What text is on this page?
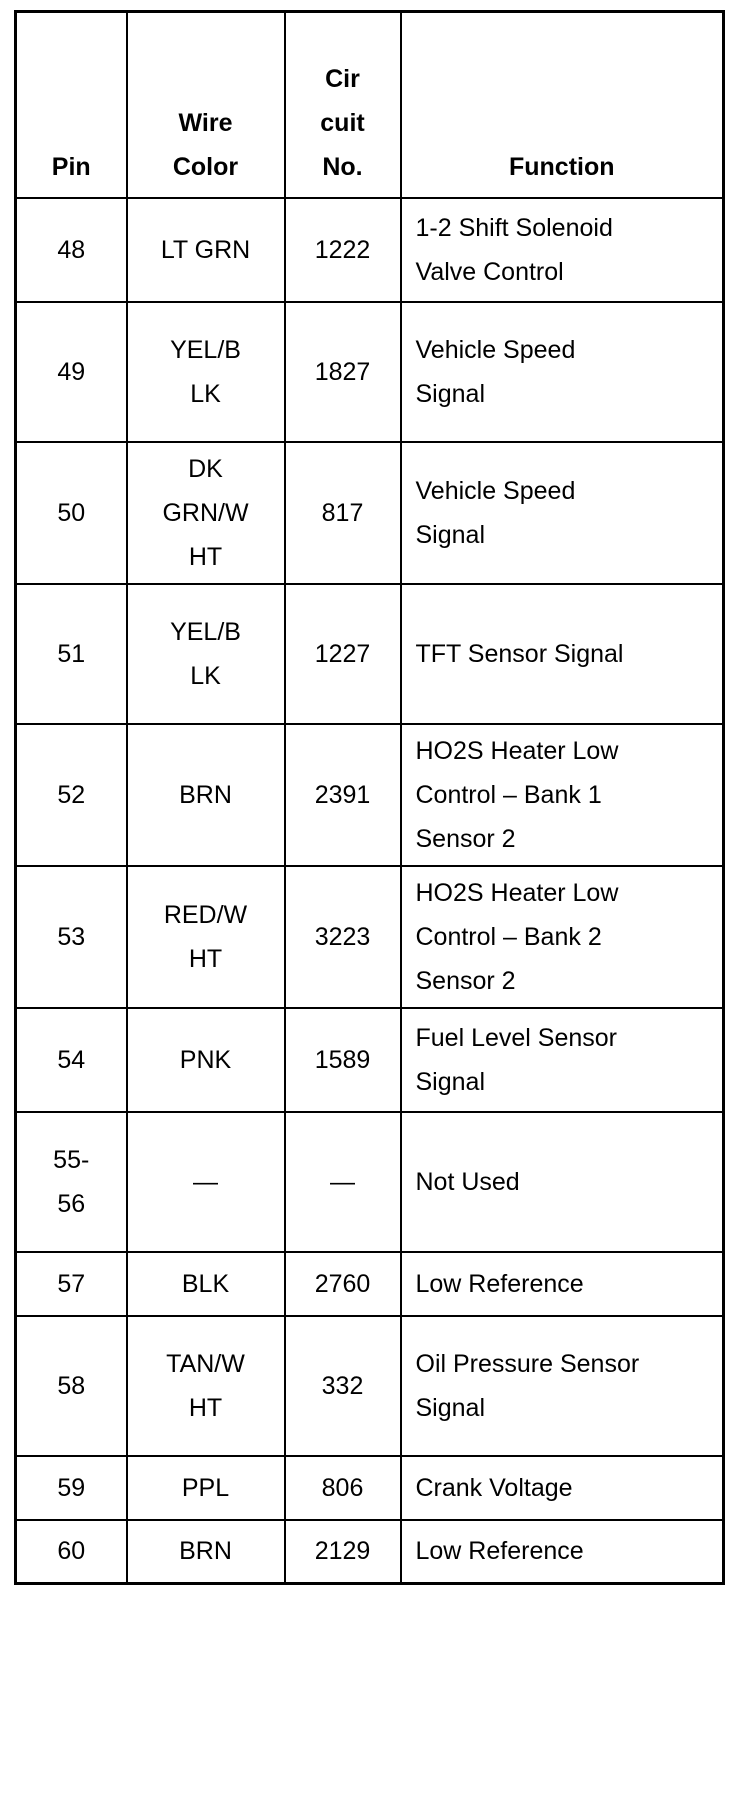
Pin	Wire
Color	Cir
cuit
No.	Function

48	LT GRN	1222	1-2 Shift Solenoid
Valve Control

49	YEL/B
LK	1827	Vehicle Speed
Signal

50	DK
GRN/W
HT	817	Vehicle Speed
Signal

51	YEL/B
LK	1227	TFT Sensor Signal

52	BRN	2391	HO2S Heater Low
Control – Bank 1
Sensor 2

53	RED/W
HT	3223	HO2S Heater Low
Control – Bank 2
Sensor 2

54	PNK	1589	Fuel Level Sensor
Signal

55-
56	—	—	Not Used

57	BLK	2760	Low Reference

58	TAN/W
HT	332	Oil Pressure Sensor
Signal

59	PPL	806	Crank Voltage

60	BRN	2129	Low Reference
